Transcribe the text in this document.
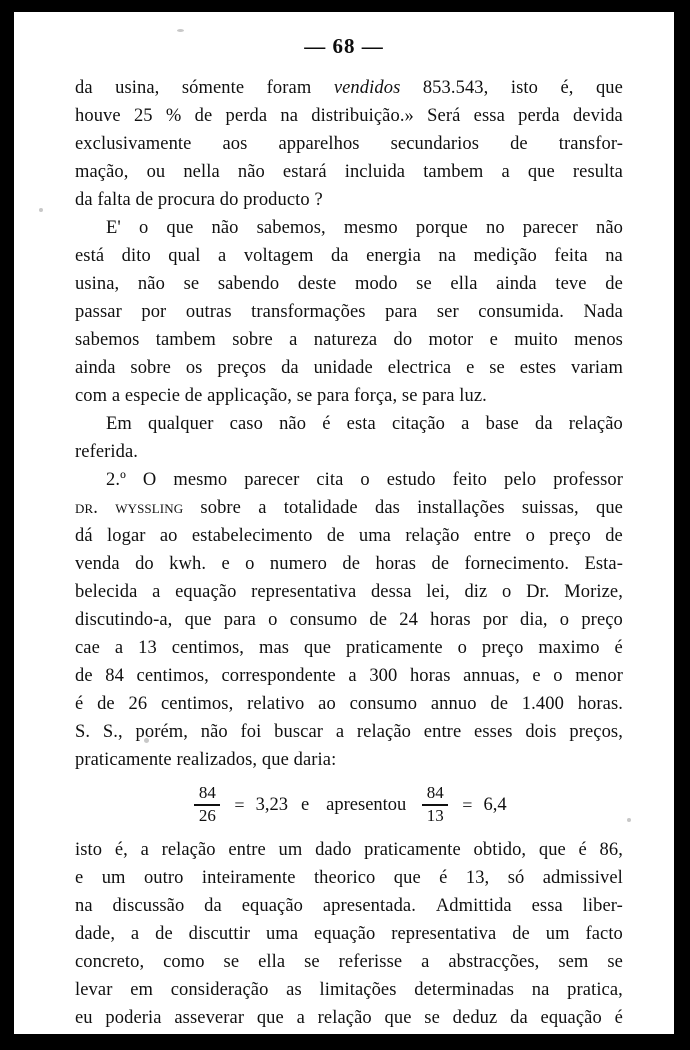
— 68 —
da usina, sómente foram vendidos 853.543, isto é, que
houve 25 % de perda na distribuição.» Será essa perda devida
exclusivamente aos apparelhos secundarios de transfor-
mação, ou nella não estará incluida tambem a que resulta
da falta de procura do producto ?
E' o que não sabemos, mesmo porque no parecer não
está dito qual a voltagem da energia na medição feita na
usina, não se sabendo deste modo se ella ainda teve de
passar por outras transformações para ser consumida. Nada
sabemos tambem sobre a natureza do motor e muito menos
ainda sobre os preços da unidade electrica e se estes variam
com a especie de applicação, se para força, se para luz.
Em qualquer caso não é esta citação a base da relação
referida.
2.º O mesmo parecer cita o estudo feito pelo professor
dr. wyssling sobre a totalidade das installações suissas, que
dá logar ao estabelecimento de uma relação entre o preço de
venda do kwh. e o numero de horas de fornecimento. Esta-
belecida a equação representativa dessa lei, diz o Dr. Morize,
discutindo-a, que para o consumo de 24 horas por dia, o preço
cae a 13 centimos, mas que praticamente o preço maximo é
de 84 centimos, correspondente a 300 horas annuas, e o menor
é de 26 centimos, relativo ao consumo annuo de 1.400 horas.
S. S., porém, não foi buscar a relação entre esses dois preços,
praticamente realizados, que daria:
$\frac{84}{26} = 3,23$ e apresentou $\frac{84}{13} = 6,4$
isto é, a relação entre um dado praticamente obtido, que é 86,
e um outro inteiramente theorico que é 13, só admissivel
na discussão da equação apresentada. Admittida essa liber-
dade, a de discuttir uma equação representativa de um facto
concreto, como se ella se referisse a abstracções, sem se
levar em consideração as limitações determinadas na pratica,
eu poderia asseverar que a relação que se deduz da equação é
